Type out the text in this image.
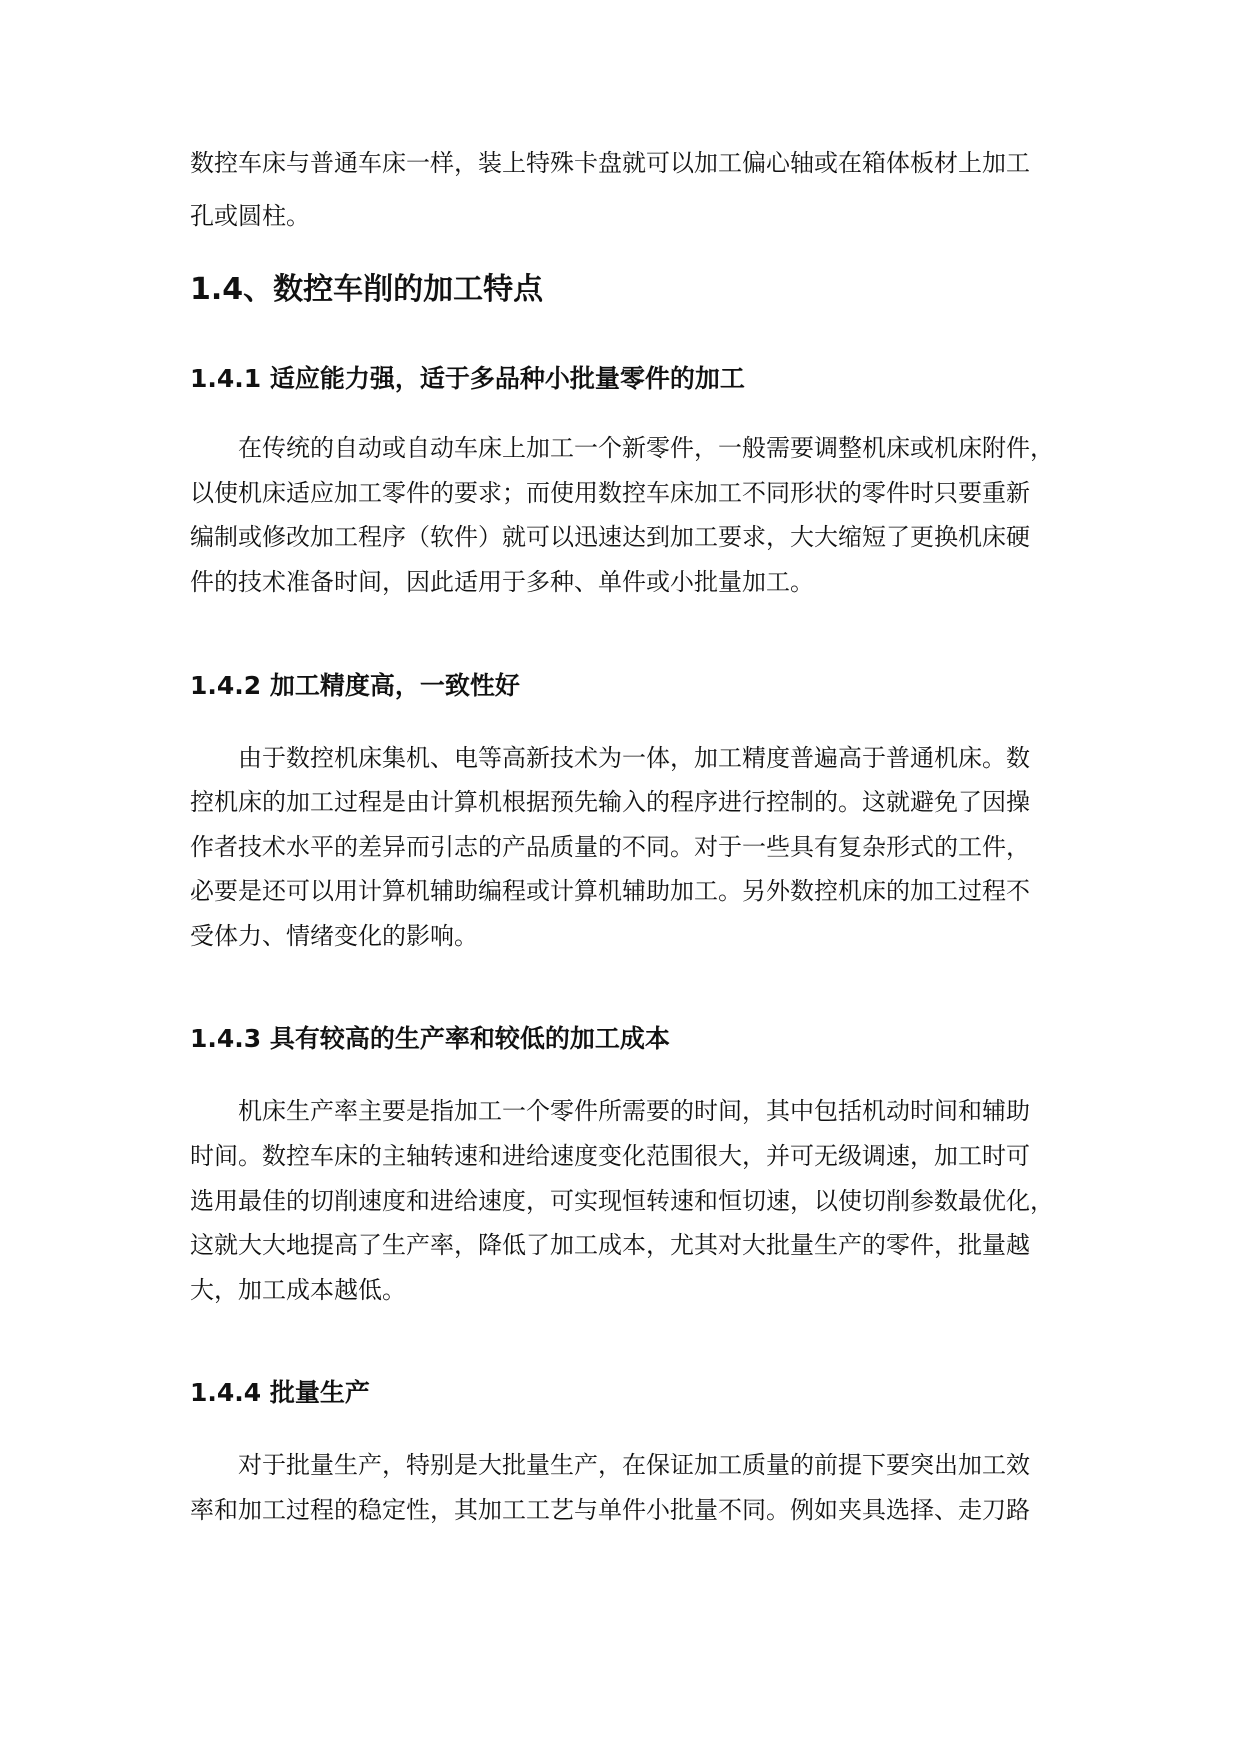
数控车床与普通车床一样，装上特殊卡盘就可以加工偏心轴或在箱体板材上加工
孔或圆柱。
1.4、数控车削的加工特点
1.4.1 适应能力强，适于多品种小批量零件的加工
在传统的自动或自动车床上加工一个新零件，一般需要调整机床或机床附件，
以使机床适应加工零件的要求；而使用数控车床加工不同形状的零件时只要重新
编制或修改加工程序（软件）就可以迅速达到加工要求，大大缩短了更换机床硬
件的技术准备时间，因此适用于多种、单件或小批量加工。
1.4.2 加工精度高，一致性好
由于数控机床集机、电等高新技术为一体，加工精度普遍高于普通机床。数
控机床的加工过程是由计算机根据预先输入的程序进行控制的。这就避免了因操
作者技术水平的差异而引志的产品质量的不同。对于一些具有复杂形式的工件，
必要是还可以用计算机辅助编程或计算机辅助加工。另外数控机床的加工过程不
受体力、情绪变化的影响。
1.4.3 具有较高的生产率和较低的加工成本
机床生产率主要是指加工一个零件所需要的时间，其中包括机动时间和辅助
时间。数控车床的主轴转速和进给速度变化范围很大，并可无级调速，加工时可
选用最佳的切削速度和进给速度，可实现恒转速和恒切速，以使切削参数最优化，
这就大大地提高了生产率，降低了加工成本，尤其对大批量生产的零件，批量越
大，加工成本越低。
1.4.4 批量生产
对于批量生产，特别是大批量生产，在保证加工质量的前提下要突出加工效
率和加工过程的稳定性，其加工工艺与单件小批量不同。例如夹具选择、走刀路
